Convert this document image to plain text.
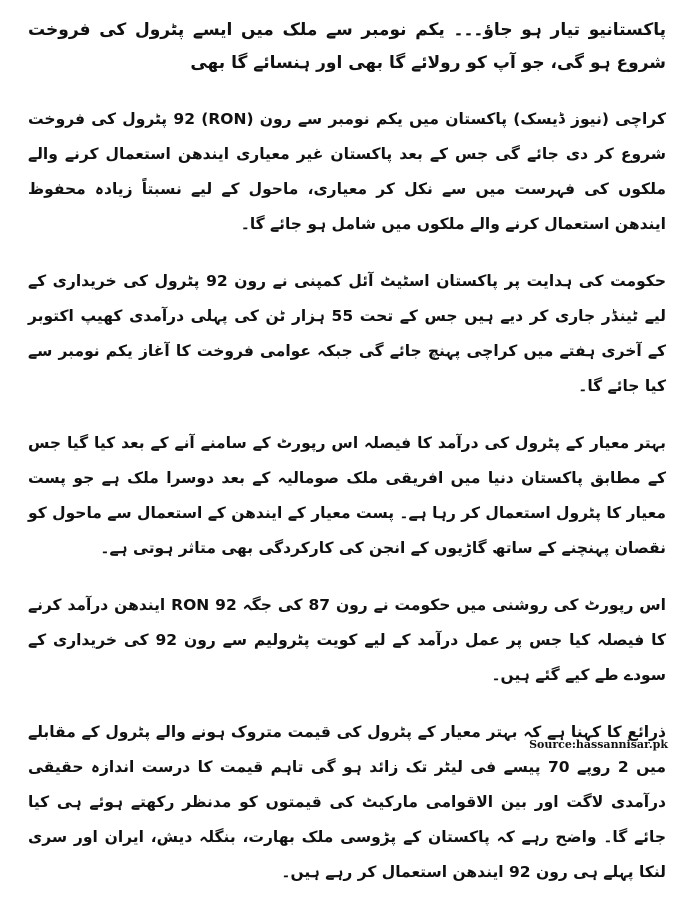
پاکستانیو تیار ہو جاؤ۔۔۔ یکم نومبر سے ملک میں ایسے پٹرول کی فروخت شروع ہو گی، جو آپ کو رولائے گا بھی اور ہنسائے گا بھی

کراچی (نیوز ڈیسک) پاکستان میں یکم نومبر سے رون (RON) 92 پٹرول کی فروخت شروع کر دی جائے گی جس کے بعد پاکستان غیر معیاری ایندھن استعمال کرنے والے ملکوں کی فہرست میں سے نکل کر معیاری، ماحول کے لیے نسبتاً زیادہ محفوظ ایندھن استعمال کرنے والے ملکوں میں شامل ہو جائے گا۔

حکومت کی ہدایت پر پاکستان اسٹیٹ آئل کمپنی نے رون 92 پٹرول کی خریداری کے لیے ٹینڈر جاری کر دیے ہیں جس کے تحت 55 ہزار ٹن کی پہلی درآمدی کھیپ اکتوبر کے آخری ہفتے میں کراچی پہنچ جائے گی جبکہ عوامی فروخت کا آغاز یکم نومبر سے کیا جائے گا۔

بہتر معیار کے پٹرول کی درآمد کا فیصلہ اس رپورٹ کے سامنے آنے کے بعد کیا گیا جس کے مطابق پاکستان دنیا میں افریقی ملک صومالیہ کے بعد دوسرا ملک ہے جو پست معیار کا پٹرول استعمال کر رہا ہے۔ پست معیار کے ایندھن کے استعمال سے ماحول کو نقصان پہنچنے کے ساتھ گاڑیوں کے انجن کی کارکردگی بھی متاثر ہوتی ہے۔

اس رپورٹ کی روشنی میں حکومت نے رون 87 کی جگہ RON 92 ایندھن درآمد کرنے کا فیصلہ کیا جس پر عمل درآمد کے لیے کویت پٹرولیم سے رون 92 کی خریداری کے سودے طے کیے گئے ہیں۔

ذرائع کا کہنا ہے کہ بہتر معیار کے پٹرول کی قیمت متروک ہونے والے پٹرول کے مقابلے میں 2 روپے 70 پیسے فی لیٹر تک زائد ہو گی تاہم قیمت کا درست اندازہ حقیقی درآمدی لاگت اور بین الاقوامی مارکیٹ کی قیمتوں کو مدنظر رکھتے ہوئے ہی کیا جائے گا۔ واضح رہے کہ پاکستان کے پڑوسی ملک بھارت، بنگلہ دیش، ایران اور سری لنکا پہلے ہی رون 92 ایندھن استعمال کر رہے ہیں۔

Source:hassannisar.pk
